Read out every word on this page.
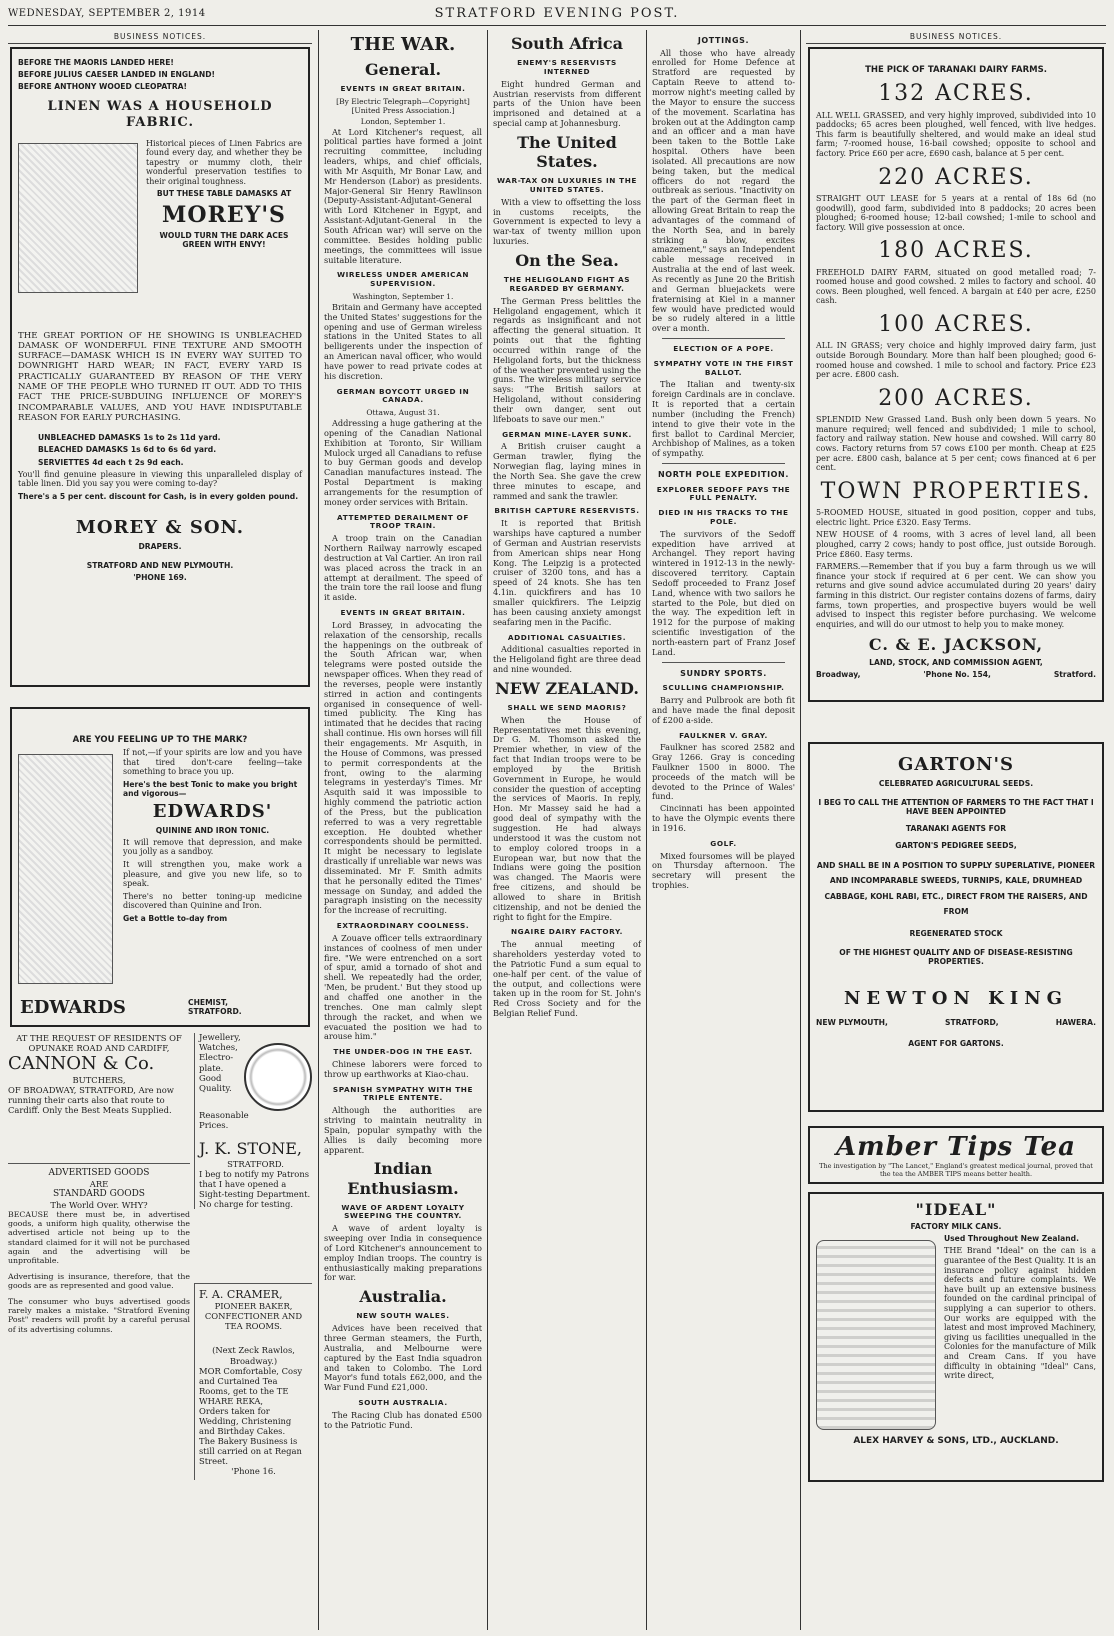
WEDNESDAY, SEPTEMBER 2, 1914	STRATFORD EVENING POST.
BUSINESS NOTICES.
BEFORE THE MAORIS LANDED HERE!
BEFORE JULIUS CAESER LANDED IN ENGLAND!
BEFORE ANTHONY WOOED CLEOPATRA!
LINEN WAS A HOUSEHOLD FABRIC.

Historical pieces of Linen Fabrics are found every day, and whether they be tapestry or mummy cloth, their wonderful preservation testifies to their original toughness.

BUT THESE TABLE DAMASKS AT
MOREY'S
WOULD TURN THE DARK ACES GREEN WITH ENVY!

THE GREAT PORTION OF HE SHOWING IS UNBLEACHED DAMASK OF WONDERFUL FINE TEXTURE AND SMOOTH SURFACE—DAMASK WHICH IS IN EVERY WAY SUITED TO DOWNRIGHT HARD WEAR; IN FACT, EVERY YARD IS PRACTICALLY GUARANTEED BY REASON OF THE VERY NAME OF THE PEOPLE WHO TURNED IT OUT. ADD TO THIS FACT THE PRICE-SUBDUING INFLUENCE OF MOREY'S INCOMPARABLE VALUES, AND YOU HAVE INDISPUTABLE REASON FOR EARLY PURCHASING.

UNBLEACHED DAMASKS 1s to 2s 11d yard.
BLEACHED DAMASKS 1s 6d to 6s 6d yard.
SERVIETTES 4d each t 2s 9d each.

You'll find genuine pleasure in viewing this unparalleled display of table linen. Did you say you were coming to-day?

There's a 5 per cent. discount for Cash, is in every golden pound.
MOREY & SON.
DRAPERS.
STRATFORD AND NEW PLYMOUTH.
'PHONE 169.
ARE YOU FEELING UP TO THE MARK?

If not,—if your spirits are low and you have that tired don't-care feeling—take something to brace you up.

Here's the best Tonic to make you bright and vigorous—
EDWARDS'
QUININE AND IRON TONIC.

It will remove that depression, and make you jolly as a sandboy.

It will strengthen you, make work a pleasure, and give you new life, so to speak.

There's no better toning-up medicine discovered than Quinine and Iron.

Get a Bottle to-day from
EDWARDS	CHEMIST, STRATFORD.
AT THE REQUEST OF RESIDENTS OF OPUNAKE ROAD AND CARDIFF,
CANNON & Co.
BUTCHERS,
OF BROADWAY, STRATFORD, Are now running their carts also that route to Cardiff. Only the Best Meats Supplied.
ADVERTISED GOODS
ARE
STANDARD GOODS
The World Over. WHY?

BECAUSE there must be, in advertised goods, a uniform high quality, otherwise the advertised article not being up to the standard claimed for it will not be purchased again and the advertising will be unprofitable.

Advertising is insurance, therefore, that the goods are as represented and good value.

The consumer who buys advertised goods rarely makes a mistake. "Stratford Evening Post" readers will profit by a careful perusal of its advertising columns.

Jewellery, Watches, Electro-plate. Good Quality. Reasonable Prices.
J. K. STONE,
STRATFORD.
I beg to notify my Patrons that I have opened a Sight-testing Department. No charge for testing.
F. A. CRAMER,
PIONEER BAKER, CONFECTIONER AND TEA ROOMS.
(Next Zeck Rawlos, Broadway.)
MOR Comfortable, Cosy and Curtained Tea Rooms, get to the TE WHARE REKA,
Orders taken for Wedding, Christening and Birthday Cakes.
The Bakery Business is still carried on at Regan Street.
'Phone 16.
THE WAR.
General.
EVENTS IN GREAT BRITAIN.
[By Electric Telegraph—Copyright] [United Press Association.]
London, September 1.

At Lord Kitchener's request, all political parties have formed a joint recruiting committee, including leaders, whips, and chief officials, with Mr Asquith, Mr Bonar Law, and Mr Henderson (Labor) as presidents. Major-General Sir Henry Rawlinson (Deputy-Assistant-Adjutant-General with Lord Kitchener in Egypt, and Assistant-Adjutant-General in the South African war) will serve on the committee. Besides holding public meetings, the committees will issue suitable literature.

WIRELESS UNDER AMERICAN SUPERVISION.
Washington, September 1.

Britain and Germany have accepted the United States' suggestions for the opening and use of German wireless stations in the United States to all belligerents under the inspection of an American naval officer, who would have power to read private codes at his discretion.

GERMAN BOYCOTT URGED IN CANADA.
Ottawa, August 31.

Addressing a huge gathering at the opening of the Canadian National Exhibition at Toronto, Sir William Mulock urged all Canadians to refuse to buy German goods and develop Canadian manufactures instead. The Postal Department is making arrangements for the resumption of money order services with Britain.

ATTEMPTED DERAILMENT OF TROOP TRAIN.

A troop train on the Canadian Northern Railway narrowly escaped destruction at Val Cartier. An iron rail was placed across the track in an attempt at derailment. The speed of the train tore the rail loose and flung it aside.

EVENTS IN GREAT BRITAIN.

Lord Brassey, in advocating the relaxation of the censorship, recalls the happenings on the outbreak of the South African war, when telegrams were posted outside the newspaper offices. When they read of the reverses, people were instantly stirred in action and contingents organised in consequence of well-timed publicity. The King has intimated that he decides that racing shall continue. His own horses will fill their engagements. Mr Asquith, in the House of Commons, was pressed to permit correspondents at the front, owing to the alarming telegrams in yesterday's Times. Mr Asquith said it was impossible to highly commend the patriotic action of the Press, but the publication referred to was a very regrettable exception. He doubted whether correspondents should be permitted. It might be necessary to legislate drastically if unreliable war news was disseminated. Mr F. Smith admits that he personally edited the Times' message on Sunday, and added the paragraph insisting on the necessity for the increase of recruiting.

EXTRAORDINARY COOLNESS.

A Zouave officer tells extraordinary instances of coolness of men under fire. "We were entrenched on a sort of spur, amid a tornado of shot and shell. We repeatedly had the order, 'Men, be prudent.' But they stood up and chaffed one another in the trenches. One man calmly slept through the racket, and when we evacuated the position we had to arouse him."

THE UNDER-DOG IN THE EAST.

Chinese laborers were forced to throw up earthworks at Kiao-chau.

SPANISH SYMPATHY WITH THE TRIPLE ENTENTE.

Although the authorities are striving to maintain neutrality in Spain, popular sympathy with the Allies is daily becoming more apparent.

Indian Enthusiasm.
WAVE OF ARDENT LOYALTY SWEEPING THE COUNTRY.

A wave of ardent loyalty is sweeping over India in consequence of Lord Kitchener's announcement to employ Indian troops. The country is enthusiastically making preparations for war.

Australia.
NEW SOUTH WALES.

Advices have been received that three German steamers, the Furth, Australia, and Melbourne were captured by the East India squadron and taken to Colombo. The Lord Mayor's fund totals £62,000, and the War Fund Fund £21,000.

SOUTH AUSTRALIA.

The Racing Club has donated £500 to the Patriotic Fund.

South Africa
ENEMY'S RESERVISTS INTERNED

Eight hundred German and Austrian reservists from different parts of the Union have been imprisoned and detained at a special camp at Johannesburg.

The United States.
WAR-TAX ON LUXURIES IN THE UNITED STATES.

With a view to offsetting the loss in customs receipts, the Government is expected to levy a war-tax of twenty million upon luxuries.

On the Sea.
THE HELIGOLAND FIGHT AS REGARDED BY GERMANY.

The German Press belittles the Heligoland engagement, which it regards as insignificant and not affecting the general situation. It points out that the fighting occurred within range of the Heligoland forts, but the thickness of the weather prevented using the guns. The wireless military service says: "The British sailors at Heligoland, without considering their own danger, sent out lifeboats to save our men."

GERMAN MINE-LAYER SUNK.

A British cruiser caught a German trawler, flying the Norwegian flag, laying mines in the North Sea. She gave the crew three minutes to escape, and rammed and sank the trawler.

BRITISH CAPTURE RESERVISTS.

It is reported that British warships have captured a number of German and Austrian reservists from American ships near Hong Kong. The Leipzig is a protected cruiser of 3200 tons, and has a speed of 24 knots. She has ten 4.1in. quickfirers and has 10 smaller quickfirers. The Leipzig has been causing anxiety amongst seafaring men in the Pacific.

ADDITIONAL CASUALTIES.

Additional casualties reported in the Heligoland fight are three dead and nine wounded.

NEW ZEALAND.
SHALL WE SEND MAORIS?

When the House of Representatives met this evening, Dr G. M. Thomson asked the Premier whether, in view of the fact that Indian troops were to be employed by the British Government in Europe, he would consider the question of accepting the services of Maoris. In reply, Hon. Mr Massey said he had a good deal of sympathy with the suggestion. He had always understood it was the custom not to employ colored troops in a European war, but now that the Indians were going the position was changed. The Maoris were free citizens, and should be allowed to share in British citizenship, and not be denied the right to fight for the Empire.

NGAIRE DAIRY FACTORY.

The annual meeting of shareholders yesterday voted to the Patriotic Fund a sum equal to one-half per cent. of the value of the output, and collections were taken up in the room for St. John's Red Cross Society and for the Belgian Relief Fund.

JOTTINGS.

All those who have already enrolled for Home Defence at Stratford are requested by Captain Reeve to attend to-morrow night's meeting called by the Mayor to ensure the success of the movement. Scarlatina has broken out at the Addington camp and an officer and a man have been taken to the Bottle Lake hospital. Others have been isolated. All precautions are now being taken, but the medical officers do not regard the outbreak as serious. "Inactivity on the part of the German fleet in allowing Great Britain to reap the advantages of the command of the North Sea, and in barely striking a blow, excites amazement," says an Independent cable message received in Australia at the end of last week. As recently as June 20 the British and German bluejackets were fraternising at Kiel in a manner few would have predicted would be so rudely altered in a little over a month.

ELECTION OF A POPE.
SYMPATHY VOTE IN THE FIRST BALLOT.

The Italian and twenty-six foreign Cardinals are in conclave. It is reported that a certain number (including the French) intend to give their vote in the first ballot to Cardinal Mercier, Archbishop of Malines, as a token of sympathy.

NORTH POLE EXPEDITION.
EXPLORER SEDOFF PAYS THE FULL PENALTY.
DIED IN HIS TRACKS TO THE POLE.

The survivors of the Sedoff expedition have arrived at Archangel. They report having wintered in 1912-13 in the newly-discovered territory. Captain Sedoff proceeded to Franz Josef Land, whence with two sailors he started to the Pole, but died on the way. The expedition left in 1912 for the purpose of making scientific investigation of the north-eastern part of Franz Josef Land.

SUNDRY SPORTS.
SCULLING CHAMPIONSHIP.

Barry and Pulbrook are both fit and have made the final deposit of £200 a-side.

FAULKNER V. GRAY.

Faulkner has scored 2582 and Gray 1266. Gray is conceding Faulkner 1500 in 8000. The proceeds of the match will be devoted to the Prince of Wales' fund.

Cincinnati has been appointed to have the Olympic events there in 1916.

GOLF.

Mixed foursomes will be played on Thursday afternoon. The secretary will present the trophies.

BUSINESS NOTICES.
THE PICK OF TARANAKI DAIRY FARMS.
132 ACRES.

ALL WELL GRASSED, and very highly improved, subdivided into 10 paddocks; 65 acres been ploughed, well fenced, with live hedges. This farm is beautifully sheltered, and would make an ideal stud farm; 7-roomed house, 16-bail cowshed; opposite to school and factory. Price £60 per acre, £690 cash, balance at 5 per cent.

220 ACRES.

STRAIGHT OUT LEASE for 5 years at a rental of 18s 6d (no goodwill), good farm, subdivided into 8 paddocks; 20 acres been ploughed; 6-roomed house; 12-bail cowshed; 1-mile to school and factory. Will give possession at once.

180 ACRES.

FREEHOLD DAIRY FARM, situated on good metalled road; 7-roomed house and good cowshed. 2 miles to factory and school. 40 cows. Been ploughed, well fenced. A bargain at £40 per acre, £250 cash.

100 ACRES.

ALL IN GRASS; very choice and highly improved dairy farm, just outside Borough Boundary. More than half been ploughed; good 6-roomed house and cowshed. 1 mile to school and factory. Price £23 per acre. £800 cash.

200 ACRES.

SPLENDID New Grassed Land. Bush only been down 5 years. No manure required; well fenced and subdivided; 1 mile to school, factory and railway station. New house and cowshed. Will carry 80 cows. Factory returns from 57 cows £100 per month. Cheap at £25 per acre. £800 cash, balance at 5 per cent; cows financed at 6 per cent.

TOWN PROPERTIES.

5-ROOMED HOUSE, situated in good position, copper and tubs, electric light. Price £320. Easy Terms.

NEW HOUSE of 4 rooms, with 3 acres of level land, all been ploughed, carry 2 cows; handy to post office, just outside Borough. Price £860. Easy terms.

FARMERS.—Remember that if you buy a farm through us we will finance your stock if required at 6 per cent. We can show you returns and give sound advice accumulated during 20 years' dairy farming in this district. Our register contains dozens of farms, dairy farms, town properties, and prospective buyers would be well advised to inspect this register before purchasing. We welcome enquiries, and will do our utmost to help you to make money.

C. & E. JACKSON,
LAND, STOCK, AND COMMISSION AGENT,
Broadway,	'Phone No. 154,	Stratford.
GARTON'S
CELEBRATED AGRICULTURAL SEEDS.
I BEG TO CALL THE ATTENTION OF FARMERS TO THE FACT THAT I HAVE BEEN APPOINTED
TARANAKI AGENTS FOR
GARTON'S PEDIGREE SEEDS,
AND SHALL BE IN A POSITION TO SUPPLY SUPERLATIVE, PIONEER AND INCOMPARABLE SWEEDS, TURNIPS, KALE, DRUMHEAD CABBAGE, KOHL RABI, ETC., DIRECT FROM THE RAISERS, AND FROM
REGENERATED STOCK
OF THE HIGHEST QUALITY AND OF DISEASE-RESISTING PROPERTIES.
NEWTON KING
NEW PLYMOUTH,	STRATFORD,	HAWERA.
AGENT FOR GARTONS.
Amber Tips Tea
The investigation by "The Lancet," England's greatest medical journal, proved that the tea the AMBER TIPS means better health.
"IDEAL"
FACTORY MILK CANS.
Used Throughout New Zealand.

THE Brand "Ideal" on the can is a guarantee of the Best Quality. It is an insurance policy against hidden defects and future complaints. We have built up an extensive business founded on the cardinal principal of supplying a can superior to others. Our works are equipped with the latest and most improved Machinery, giving us facilities unequalled in the Colonies for the manufacture of Milk and Cream Cans. If you have difficulty in obtaining "Ideal" Cans, write direct,

ALEX HARVEY & SONS, LTD., AUCKLAND.
